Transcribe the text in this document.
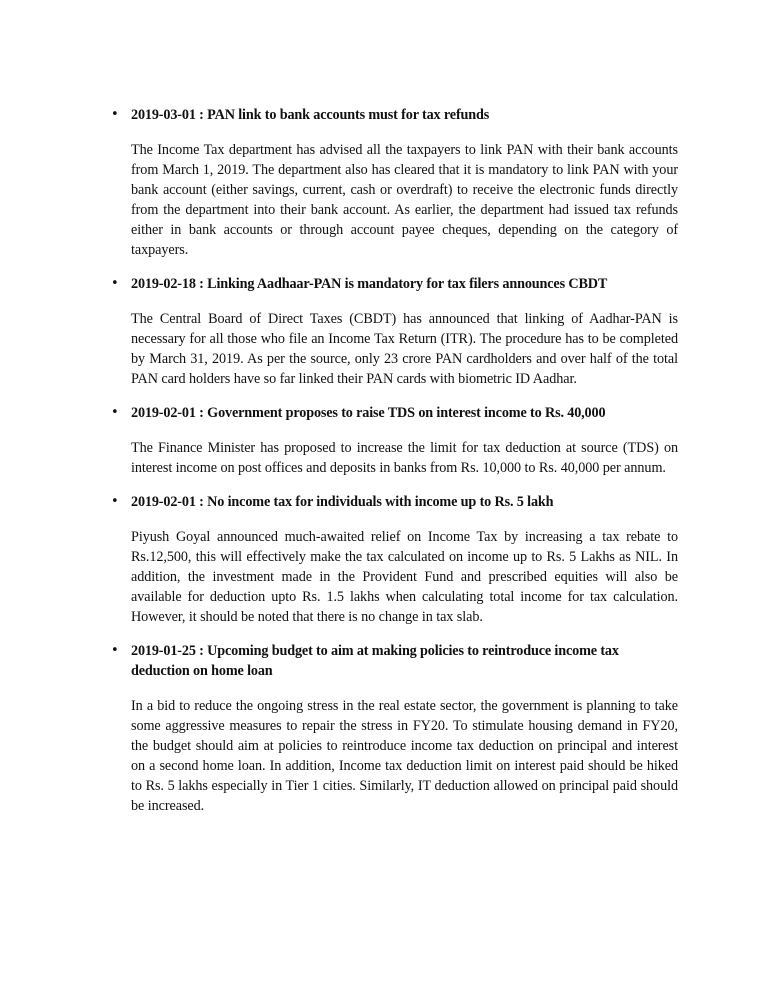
• 2019-03-01 : PAN link to bank accounts must for tax refunds

The Income Tax department has advised all the taxpayers to link PAN with their bank accounts from March 1, 2019. The department also has cleared that it is mandatory to link PAN with your bank account (either savings, current, cash or overdraft) to receive the electronic funds directly from the department into their bank account. As earlier, the department had issued tax refunds either in bank accounts or through account payee cheques, depending on the category of taxpayers.

• 2019-02-18 : Linking Aadhaar-PAN is mandatory for tax filers announces CBDT

The Central Board of Direct Taxes (CBDT) has announced that linking of Aadhar-PAN is necessary for all those who file an Income Tax Return (ITR). The procedure has to be completed by March 31, 2019. As per the source, only 23 crore PAN cardholders and over half of the total PAN card holders have so far linked their PAN cards with biometric ID Aadhar.

• 2019-02-01 : Government proposes to raise TDS on interest income to Rs. 40,000

The Finance Minister has proposed to increase the limit for tax deduction at source (TDS) on interest income on post offices and deposits in banks from Rs. 10,000 to Rs. 40,000 per annum.

• 2019-02-01 : No income tax for individuals with income up to Rs. 5 lakh

Piyush Goyal announced much-awaited relief on Income Tax by increasing a tax rebate to Rs.12,500, this will effectively make the tax calculated on income up to Rs. 5 Lakhs as NIL. In addition, the investment made in the Provident Fund and prescribed equities will also be available for deduction upto Rs. 1.5 lakhs when calculating total income for tax calculation. However, it should be noted that there is no change in tax slab.

• 2019-01-25 : Upcoming budget to aim at making policies to reintroduce income tax deduction on home loan

In a bid to reduce the ongoing stress in the real estate sector, the government is planning to take some aggressive measures to repair the stress in FY20. To stimulate housing demand in FY20, the budget should aim at policies to reintroduce income tax deduction on principal and interest on a second home loan. In addition, Income tax deduction limit on interest paid should be hiked to Rs. 5 lakhs especially in Tier 1 cities. Similarly, IT deduction allowed on principal paid should be increased.
